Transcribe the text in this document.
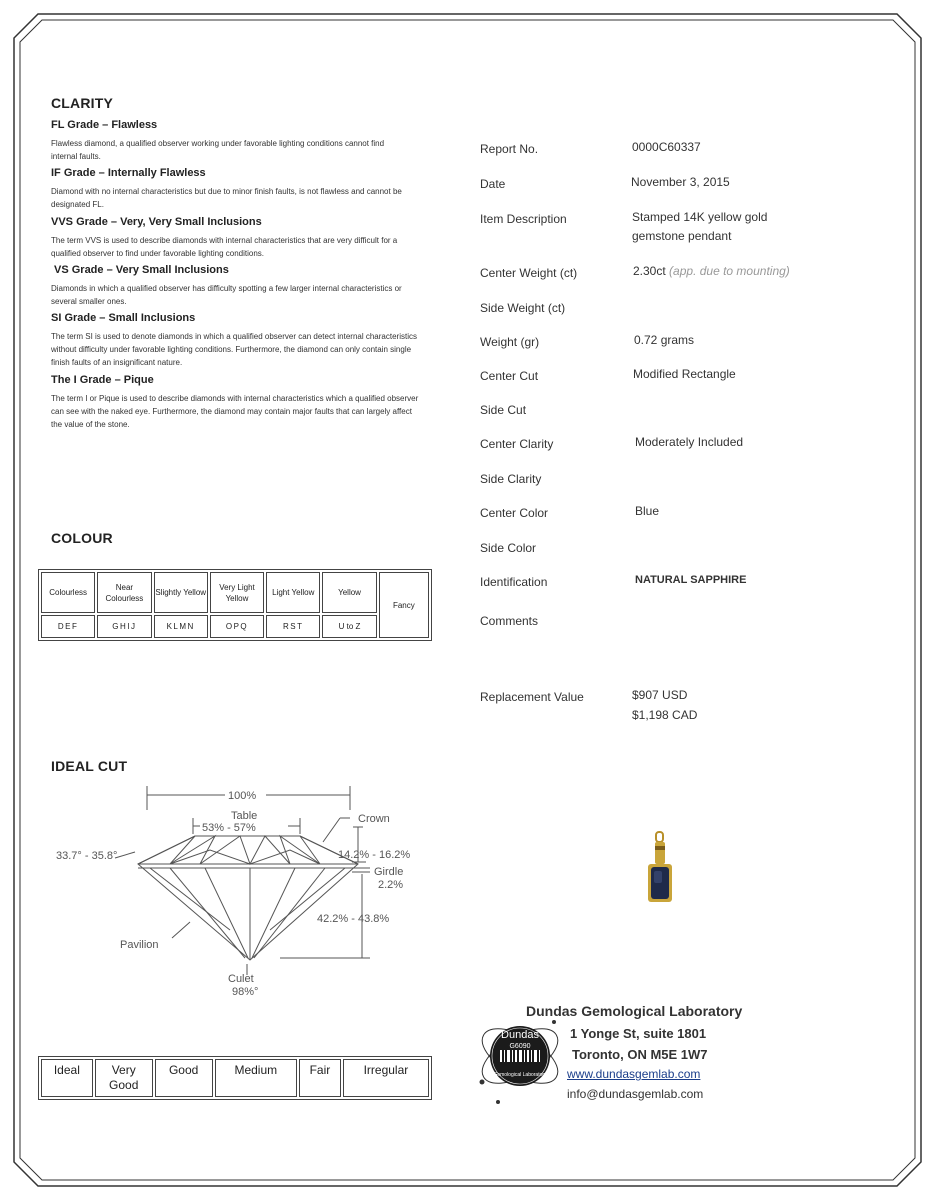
CLARITY
FL Grade – Flawless
Flawless diamond, a qualified observer working under favorable lighting conditions cannot find internal faults.
IF Grade – Internally Flawless
Diamond with no internal characteristics but due to minor finish faults, is not flawless and cannot be designated FL.
VVS Grade – Very, Very Small Inclusions
The term VVS is used to describe diamonds with internal characteristics that are very difficult for a qualified observer to find under favorable lighting conditions.
VS Grade – Very Small Inclusions
Diamonds in which a qualified observer has difficulty spotting a few larger internal characteristics or several smaller ones.
SI Grade – Small Inclusions
The term SI is used to denote diamonds in which a qualified observer can detect internal characteristics without difficulty under favorable lighting conditions. Furthermore, the diamond can only contain single finish faults of an insignificant nature.
The I Grade – Pique
The term I or Pique is used to describe diamonds with internal characteristics which a qualified observer can see with the naked eye. Furthermore, the diamond may contain major faults that can largely affect the value of the stone.
COLOUR
Colourless	Near Colourless	Slightly Yellow	Very Light Yellow	Light Yellow	Yellow	Fancy
DEF	GHIJ	KLMN	OPQ	RST	U to Z	
IDEAL CUT
100%
Table
53% - 57%
Crown
33.7° - 35.8°	14.2% - 16.2%
Girdle
2.2%
42.2% - 43.8%
Pavilion
Culet
98%°
Ideal	Very Good	Good	Medium	Fair	Irregular
Report No.	0000C60337
Date	November 3, 2015
Item Description	Stamped 14K yellow gold gemstone pendant
Center Weight (ct)	2.30ct (app. due to mounting)
Side Weight (ct)
Weight (gr)	0.72 grams
Center Cut	Modified Rectangle
Side Cut
Center Clarity	Moderately Included
Side Clarity
Center Color	Blue
Side Color
Identification	NATURAL SAPPHIRE
Comments
Replacement Value	$907 USD
$1,198 CAD
Dundas
G6090
Gemological Laboratory
Dundas Gemological Laboratory
1 Yonge St, suite 1801
Toronto, ON M5E 1W7
www.dundasgemlab.com
info@dundasgemlab.com
